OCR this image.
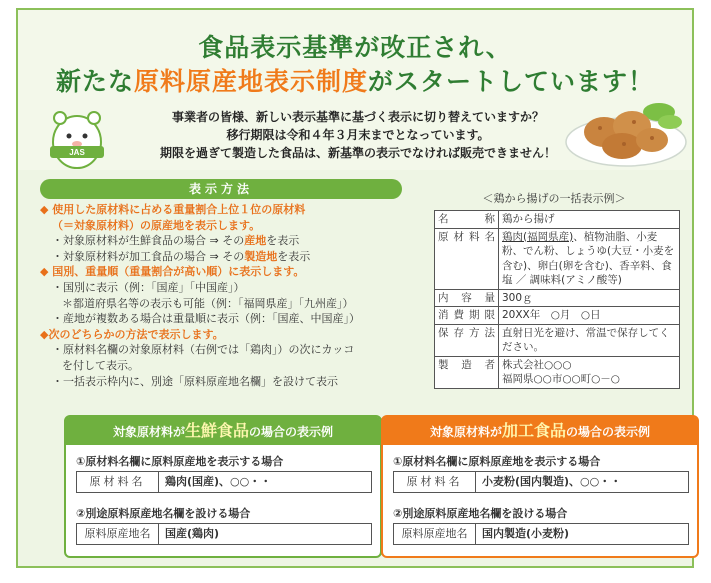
食品表示基準が改正され、
新たな原料原産地表示制度がスタートしています！
JAS
事業者の皆様、新しい表示基準に基づく表示に切り替えていますか？
移行期限は令和４年３月末までとなっています。
期限を過ぎて製造した食品は、新基準の表示でなければ販売できません！
表示方法
◆ 使用した原材料に占める重量割合上位１位の原材料
（＝対象原材料）の原産地を表示します。
・対象原材料が生鮮食品の場合 ⇒ その産地を表示
・対象原材料が加工食品の場合 ⇒ その製造地を表示
◆ 国別、重量順（重量割合が高い順）に表示します。
・国別に表示（例：「国産」「中国産」）
＊都道府県名等の表示も可能（例：「福岡県産」「九州産」）
・産地が複数ある場合は重量順に表示（例：「国産、中国産」）
◆次のどちらかの方法で表示します。
・原材料名欄の対象原材料（右例では「鶏肉」）の次にカッコ
を付して表示。
・一括表示枠内に、別途「原料原産地名欄」を設けて表示
＜鶏から揚げの一括表示例＞
名称	鶏から揚げ
原材料名	鶏肉(福岡県産)、植物油脂、小麦粉、でん粉、しょうゆ(大豆・小麦を含む)、卵白(卵を含む)、香辛料、食塩 ／ 調味料(アミノ酸等)
内容量	300ｇ
消費期限	20XX年　○月　○日
保存方法	直射日光を避け、常温で保存してください。
製造者	株式会社○○○
福岡県○○市○○町○－○
対象原材料が生鮮食品の場合の表示例
①原材料名欄に原料原産地を表示する場合
原材料名	鶏肉(国産)、○○・・
②別途原料原産地名欄を設ける場合
原料原産地名	国産(鶏肉)
対象原材料が加工食品の場合の表示例
①原材料名欄に原料原産地を表示する場合
原材料名	小麦粉(国内製造)、○○・・
②別途原料原産地名欄を設ける場合
原料原産地名	国内製造(小麦粉)
